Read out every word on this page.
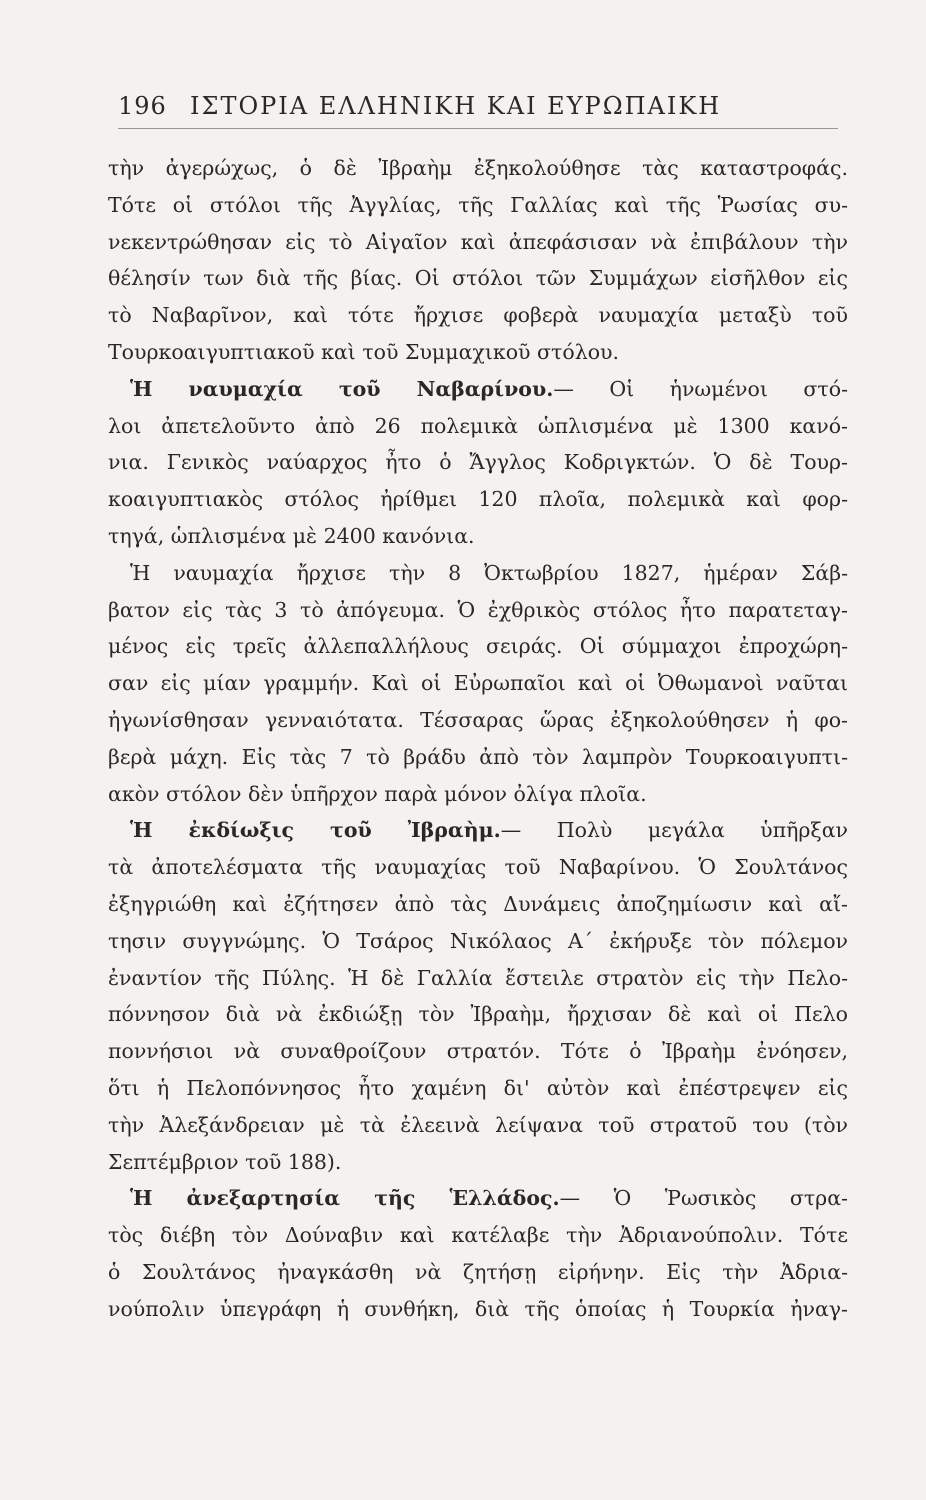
196 ΙΣΤΟΡΙΑ ΕΛΛΗΝΙΚΗ ΚΑΙ ΕΥΡΩΠΑΙΚΗ
τὴν ἀγερώχως, ὁ δὲ Ἰβραὴμ ἐξηκολούθησε τὰς καταστροφάς.
Τότε οἱ στόλοι τῆς Ἀγγλίας, τῆς Γαλλίας καὶ τῆς Ῥωσίας συ-
νεκεντρώθησαν εἰς τὸ Αἰγαῖον καὶ ἀπεφάσισαν νὰ ἐπιβάλουν τὴν
θέλησίν των διὰ τῆς βίας. Οἱ στόλοι τῶν Συμμάχων εἰσῆλθον εἰς
τὸ Ναβαρῖνον, καὶ τότε ἤρχισε φοβερὰ ναυμαχία μεταξὺ τοῦ
Τουρκοαιγυπτιακοῦ καὶ τοῦ Συμμαχικοῦ στόλου.
Ἡ ναυμαχία τοῦ Ναβαρίνου.— Οἱ ἡνωμένοι στό-
λοι ἀπετελοῦντο ἀπὸ 26 πολεμικὰ ὡπλισμένα μὲ 1300 κανό-
νια. Γενικὸς ναύαρχος ἦτο ὁ Ἄγγλος Κοδριγκτών. Ὁ δὲ Τουρ-
κοαιγυπτιακὸς στόλος ἠρίθμει 120 πλοῖα, πολεμικὰ καὶ φορ-
τηγά, ὡπλισμένα μὲ 2400 κανόνια.
Ἡ ναυμαχία ἤρχισε τὴν 8 Ὀκτωβρίου 1827, ἡμέραν Σάβ-
βατον εἰς τὰς 3 τὸ ἀπόγευμα. Ὁ ἐχθρικὸς στόλος ἦτο παρατεταγ-
μένος εἰς τρεῖς ἀλλεπαλλήλους σειράς. Οἱ σύμμαχοι ἐπροχώρη-
σαν εἰς μίαν γραμμήν. Καὶ οἱ Εὐρωπαῖοι καὶ οἱ Ὀθωμανοὶ ναῦται
ἠγωνίσθησαν γενναιότατα. Τέσσαρας ὥρας ἐξηκολούθησεν ἡ φο-
βερὰ μάχη. Εἰς τὰς 7 τὸ βράδυ ἀπὸ τὸν λαμπρὸν Τουρκοαιγυπτι-
ακὸν στόλον δὲν ὑπῆρχον παρὰ μόνον ὀλίγα πλοῖα.
Ἡ ἐκδίωξις τοῦ Ἰβραὴμ.— Πολὺ μεγάλα ὑπῆρξαν
τὰ ἀποτελέσματα τῆς ναυμαχίας τοῦ Ναβαρίνου. Ὁ Σουλτάνος
ἐξηγριώθη καὶ ἐζήτησεν ἀπὸ τὰς Δυνάμεις ἀποζημίωσιν καὶ αἴ-
τησιν συγγνώμης. Ὁ Τσάρος Νικόλαος Α΄ ἐκήρυξε τὸν πόλεμον
ἐναντίον τῆς Πύλης. Ἡ δὲ Γαλλία ἔστειλε στρατὸν εἰς τὴν Πελο-
πόννησον διὰ νὰ ἐκδιώξῃ τὸν Ἰβραὴμ, ἤρχισαν δὲ καὶ οἱ Πελο
ποννήσιοι νὰ συναθροίζουν στρατόν. Τότε ὁ Ἰβραὴμ ἐνόησεν,
ὅτι ἡ Πελοπόννησος ἦτο χαμένη δι' αὐτὸν καὶ ἐπέστρεψεν εἰς
τὴν Ἀλεξάνδρειαν μὲ τὰ ἐλεεινὰ λείψανα τοῦ στρατοῦ του (τὸν
Σεπτέμβριον τοῦ 188).
Ἡ ἀνεξαρτησία τῆς Ἑλλάδος.— Ὁ Ῥωσικὸς στρα-
τὸς διέβη τὸν Δούναβιν καὶ κατέλαβε τὴν Ἀδριανούπολιν. Τότε
ὁ Σουλτάνος ἠναγκάσθη νὰ ζητήσῃ εἰρήνην. Εἰς τὴν Ἀδρια-
νούπολιν ὑπεγράφη ἡ συνθήκη, διὰ τῆς ὁποίας ἡ Τουρκία ἠναγ-
